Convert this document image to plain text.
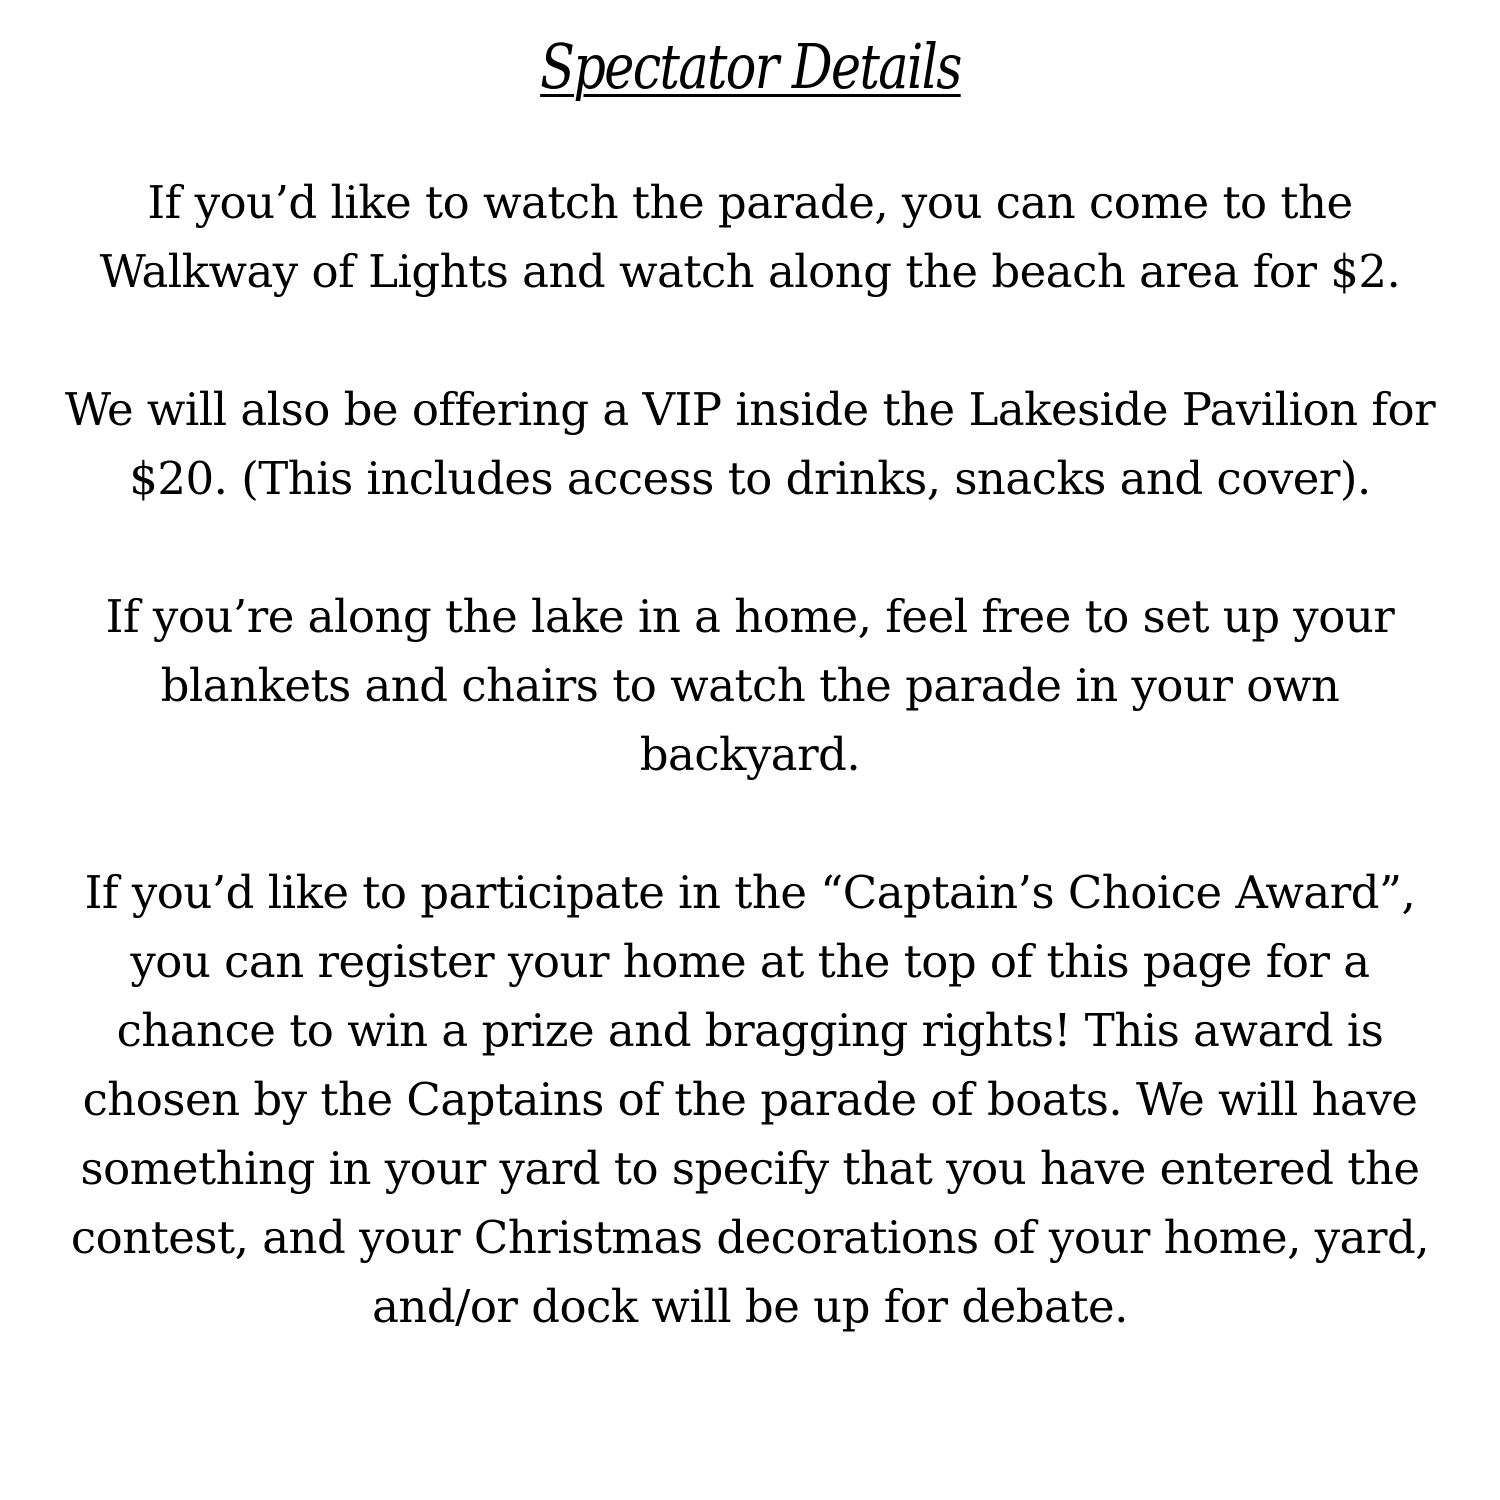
Spectator Details

If you’d like to watch the parade, you can come to the Walkway of Lights and watch along the beach area for $2.

We will also be offering a VIP inside the Lakeside Pavilion for $20. (This includes access to drinks, snacks and cover).

If you’re along the lake in a home, feel free to set up your blankets and chairs to watch the parade in your own backyard.

If you’d like to participate in the “Captain’s Choice Award”, you can register your home at the top of this page for a chance to win a prize and bragging rights! This award is chosen by the Captains of the parade of boats. We will have something in your yard to specify that you have entered the contest, and your Christmas decorations of your home, yard, and/or dock will be up for debate.
